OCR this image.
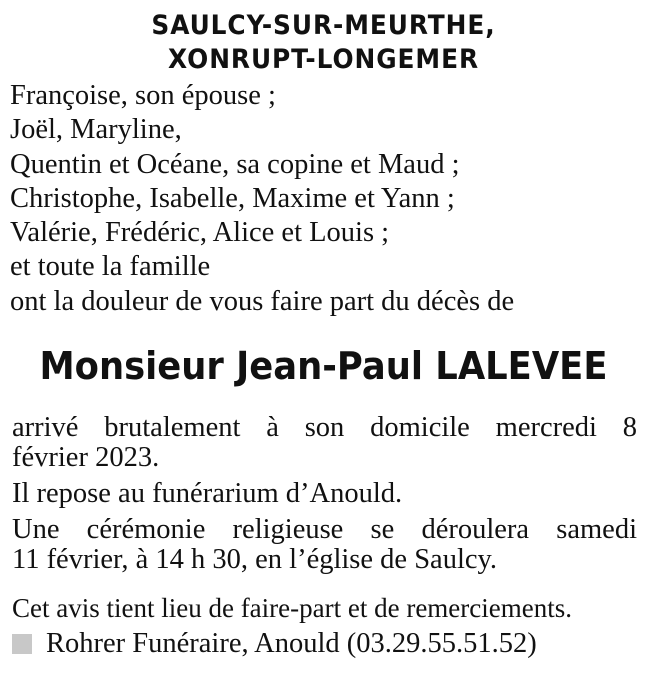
SAULCY-SUR-MEURTHE,
XONRUPT-LONGEMER
Françoise, son épouse ;
Joël, Maryline,
Quentin et Océane, sa copine et Maud ;
Christophe, Isabelle, Maxime et Yann ;
Valérie, Frédéric, Alice et Louis ;
et toute la famille
ont la douleur de vous faire part du décès de
Monsieur Jean-Paul LALEVEE

arrivé brutalement à son domicile mercredi 8

février 2023.

Il repose au funérarium d’Anould.

Une cérémonie religieuse se déroulera samedi

11 février, à 14 h 30, en l’église de Saulcy.

Cet avis tient lieu de faire-part et de remerciements.
Rohrer Funéraire, Anould (03.29.55.51.52)
